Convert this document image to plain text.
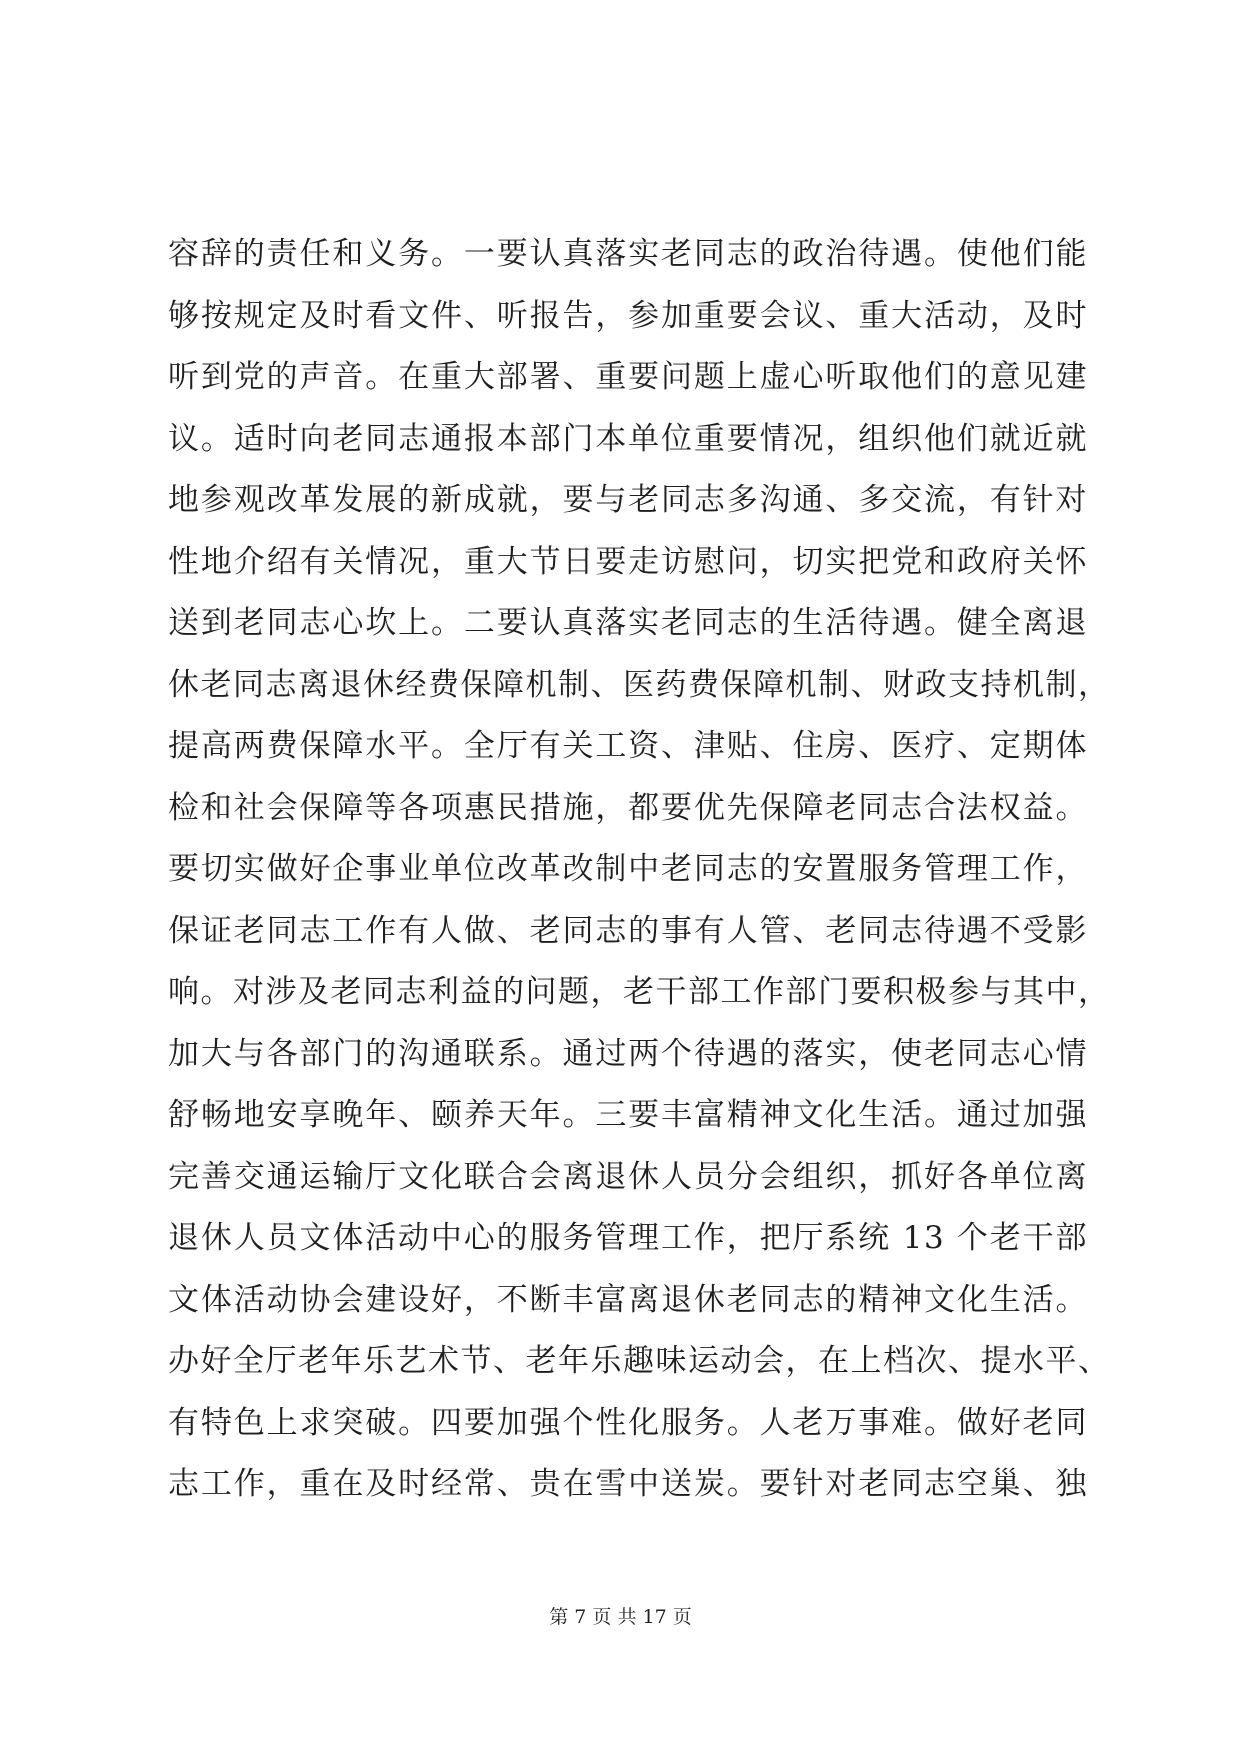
容辞的责任和义务。一要认真落实老同志的政治待遇。使他们能
够按规定及时看文件、听报告，参加重要会议、重大活动，及时
听到党的声音。在重大部署、重要问题上虚心听取他们的意见建
议。适时向老同志通报本部门本单位重要情况，组织他们就近就
地参观改革发展的新成就，要与老同志多沟通、多交流，有针对
性地介绍有关情况，重大节日要走访慰问，切实把党和政府关怀
送到老同志心坎上。二要认真落实老同志的生活待遇。健全离退
休老同志离退休经费保障机制、医药费保障机制、财政支持机制，
提高两费保障水平。全厅有关工资、津贴、住房、医疗、定期体
检和社会保障等各项惠民措施，都要优先保障老同志合法权益。
要切实做好企事业单位改革改制中老同志的安置服务管理工作，
保证老同志工作有人做、老同志的事有人管、老同志待遇不受影
响。对涉及老同志利益的问题，老干部工作部门要积极参与其中，
加大与各部门的沟通联系。通过两个待遇的落实，使老同志心情
舒畅地安享晚年、颐养天年。三要丰富精神文化生活。通过加强
完善交通运输厅文化联合会离退休人员分会组织，抓好各单位离
退休人员文体活动中心的服务管理工作，把厅系统 13 个老干部
文体活动协会建设好，不断丰富离退休老同志的精神文化生活。
办好全厅老年乐艺术节、老年乐趣味运动会，在上档次、提水平、
有特色上求突破。四要加强个性化服务。人老万事难。做好老同
志工作，重在及时经常、贵在雪中送炭。要针对老同志空巢、独
第 7 页 共 17 页
